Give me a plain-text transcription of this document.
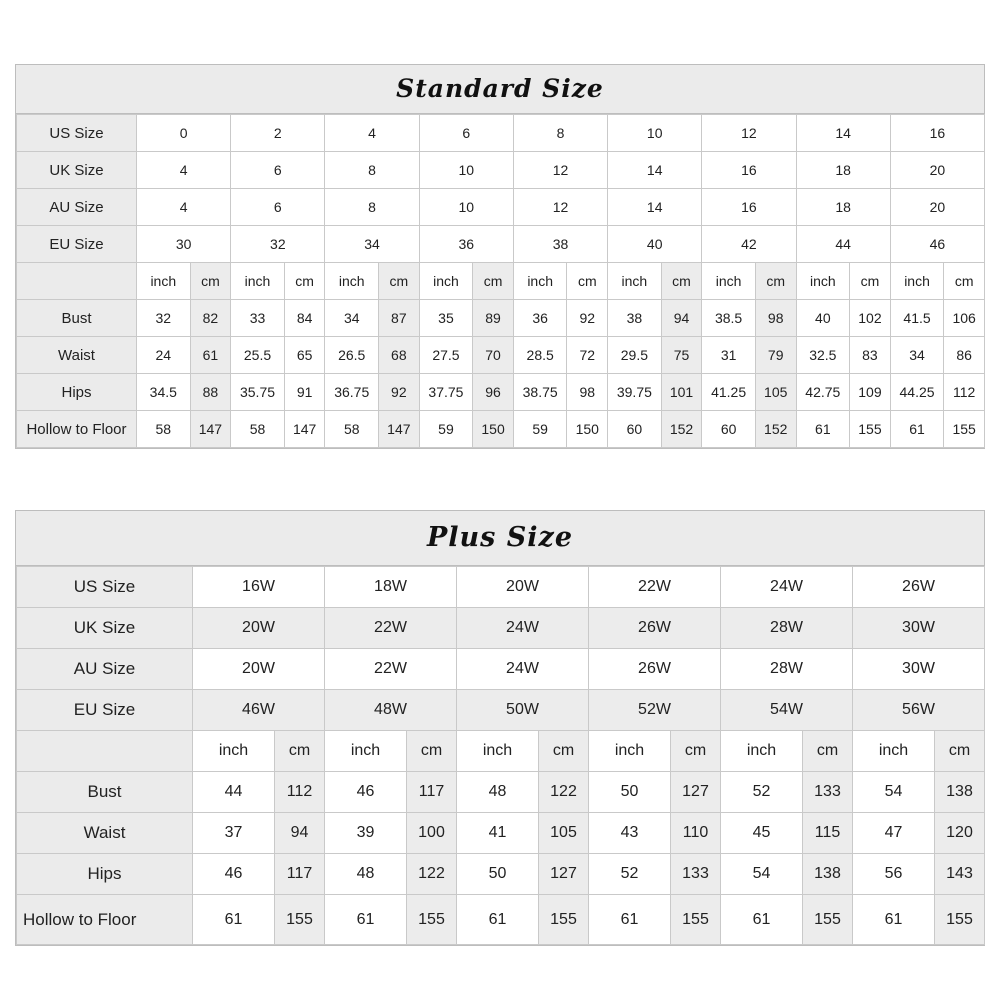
Standard Size
US Size	0		2		4		6		8		10		12		14		16	
UK Size	4		6		8		10		12		14		16		18		20	
AU Size	4		6		8		10		12		14		16		18		20	
EU Size	30		32		34		36		38		40		42		44		46	
	inch	cm	inch	cm	inch	cm	inch	cm	inch	cm	inch	cm	inch	cm	inch	cm	inch	cm
Bust	32	82	33	84	34	87	35	89	36	92	38	94	38.5	98	40	102	41.5	106
Waist	24	61	25.5	65	26.5	68	27.5	70	28.5	72	29.5	75	31	79	32.5	83	34	86
Hips	34.5	88	35.75	91	36.75	92	37.75	96	38.75	98	39.75	101	41.25	105	42.75	109	44.25	112
Hollow to Floor	58	147	58	147	58	147	59	150	59	150	60	152	60	152	61	155	61	155
Plus Size
US Size	16W		18W		20W		22W		24W		26W	
UK Size	20W		22W		24W		26W		28W		30W	
AU Size	20W		22W		24W		26W		28W		30W	
EU Size	46W		48W		50W		52W		54W		56W	
	inch	cm	inch	cm	inch	cm	inch	cm	inch	cm	inch	cm
Bust	44	112	46	117	48	122	50	127	52	133	54	138
Waist	37	94	39	100	41	105	43	110	45	115	47	120
Hips	46	117	48	122	50	127	52	133	54	138	56	143
Hollow to Floor	61	155	61	155	61	155	61	155	61	155	61	155
